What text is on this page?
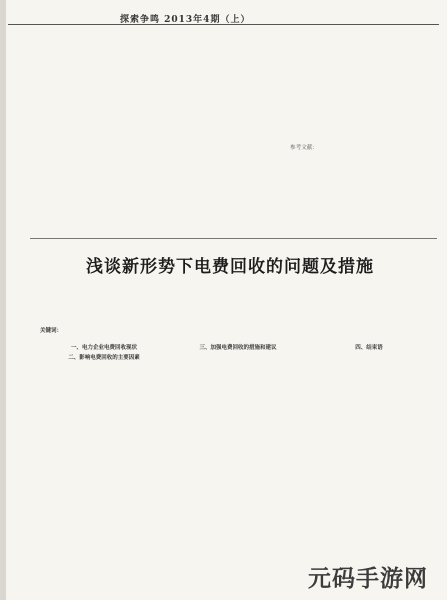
探索争鸣 2013年4期（上）
参考文献：
浅谈新形势下电费回收的问题及措施
关键词：
一、电力企业电费回收现状
二、影响电费回收的主要因素
三、加强电费回收的措施和建议	四、结束语
元码手游网
